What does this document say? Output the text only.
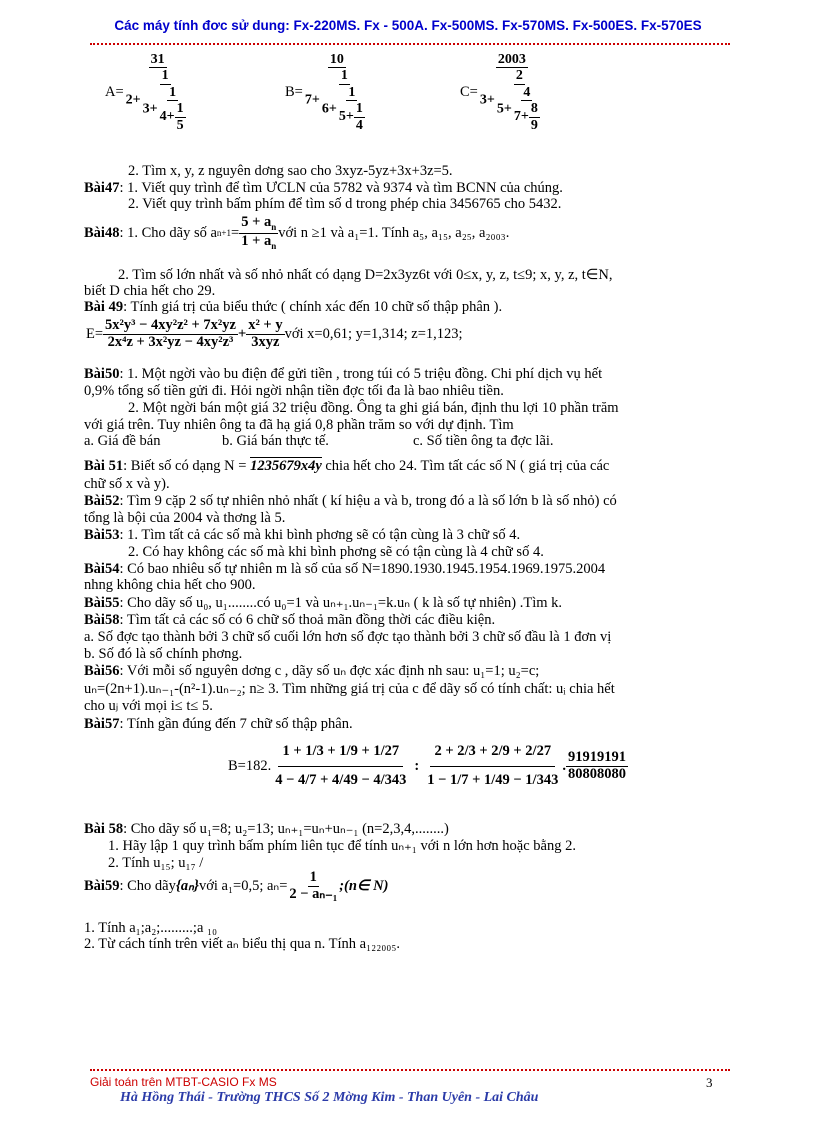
Các máy tính đơc sử dung: Fx-220MS. Fx - 500A. Fx-500MS. Fx-570MS. Fx-500ES. Fx-570ES
$A= \frac{31}{2+ \frac{1}{3+ \frac{1}{4+ \frac{1}{5}}}}$	$B= \frac{10}{7+ \frac{1}{6+ \frac{1}{5+ \frac{1}{4}}}}$	$C= \frac{2003}{3+ \frac{2}{5+ \frac{4}{7+ \frac{8}{9}}}}$
2. Tìm x, y, z nguyên dơng sao cho 3xyz-5yz+3x+3z=5.
Bài47: 1. Viết quy trình để tìm ƯCLN của 5782 và 9374 và tìm BCNN của chúng.
2. Viết quy trình bấm phím để tìm số d trong phép chia 3456765 cho 5432.
Bài48 : 1. Cho dãy số a $n+1 = \frac{5 + a_n}{1 + a_n}$ với n ≥1 và a₁=1. Tính a₅, a₁₅, a₂₅, a₂₀₀₃.
2. Tìm số lớn nhất và số nhỏ nhất có dạng D=2x3yz6t với 0≤x, y, z, t≤9; x, y, z, t∈N,
biết D chia hết cho 29.
Bài 49: Tính giá trị của biểu thức ( chính xác đến 10 chữ số thập phân ).
$E= \frac{\text{5x²y³ − 4xy²z² + 7x²yz}}{\text{2x⁴z + 3x²yz − 4xy²z³}} + \frac{\text{x² + y}}{\text{3xyz}}$ với x=0,61; y=1,314; z=1,123;
Bài50: 1. Một ngời vào bu điện để gửi tiền , trong túi có 5 triệu đồng. Chi phí dịch vụ hết
0,9% tổng số tiền gửi đi. Hỏi ngời nhận tiền đợc tối đa là bao nhiêu tiền.
2. Một ngời bán một giá 32 triệu đồng. Ông ta ghi giá bán, định thu lợi 10 phần trăm
với giá trên. Tuy nhiên ông ta đã hạ giá 0,8 phần trăm so với dự định. Tìm
a. Giá đề bán	b. Giá bán thực tế.	c. Số tiền ông ta đợc lãi.
Bài 51: Biết số có dạng N = 1235679x4y chia hết cho 24. Tìm tất các số N ( giá trị của các
chữ số x và y).
Bài52: Tìm 9 cặp 2 số tự nhiên nhỏ nhất ( kí hiệu a và b, trong đó a là số lớn b là số nhỏ) có
tổng là bội của 2004 và thơng là 5.
Bài53: 1. Tìm tất cả các số mà khi bình phơng sẽ có tận cùng là 3 chữ số 4.
2. Có hay không các số mà khi bình phơng sẽ có tận cùng là 4 chữ số 4.
Bài54: Có bao nhiêu số tự nhiên m là số của số N=1890.1930.1945.1954.1969.1975.2004
nhng không chia hết cho 900.
Bài55: Cho dãy số u₀, u₁........có u₀=1 và uₙ₊₁.uₙ₋₁=k.uₙ ( k là số tự nhiên) .Tìm k.
Bài58: Tìm tất cả các số có 6 chữ số thoả mãn đồng thời các điều kiện.
a. Số đợc tạo thành bởi 3 chữ số cuối lớn hơn số đợc tạo thành bởi 3 chữ số đầu là 1 đơn vị
b. Số đó là số chính phơng.
Bài56: Với mỗi số nguyên dơng c , dãy số uₙ đợc xác định nh sau: u₁=1; u₂=c;
uₙ=(2n+1).uₙ₋₁-(n²-1).uₙ₋₂; n≥ 3. Tìm những giá trị của c để dãy số có tính chất: uᵢ chia hết
cho uⱼ với mọi i≤ t≤ 5.
Bài57: Tính gần đúng đến 7 chữ số thập phân.
B=182. $\frac{1 + 1/3 + 1/9 + 1/27}{4 - 4/7 + 4/49 - 4/343}$ : $\frac{2 + 2/3 + 2/9 + 2/27}{1 - 1/7 + 1/49 - 1/343}$ . $\frac{91919191}{80808080}$
Bài 58: Cho dãy số u₁=8; u₂=13; uₙ₊₁=uₙ+uₙ₋₁ (n=2,3,4,........)
1. Hãy lập 1 quy trình bấm phím liên tục để tính uₙ₊₁ với n lớn hơn hoặc bằng 2.
2. Tính u₁₅; u₁₇ /
Bài59 : Cho dãy {aₙ} với a₁=0,5; $a_n= \frac{1}{\text{2 − aₙ₋₁}}$ ;(n∈ N)
1. Tính a₁;a₂;.........;a ₁₀
2. Từ cách tính trên viết aₙ biểu thị qua n. Tính a₁₂₂₀₀₅.
Giải toán trên MTBT-CASIO Fx MS	3
Hà Hồng Thái - Trường THCS Số 2 Mờng Kim - Than Uyên - Lai Châu
